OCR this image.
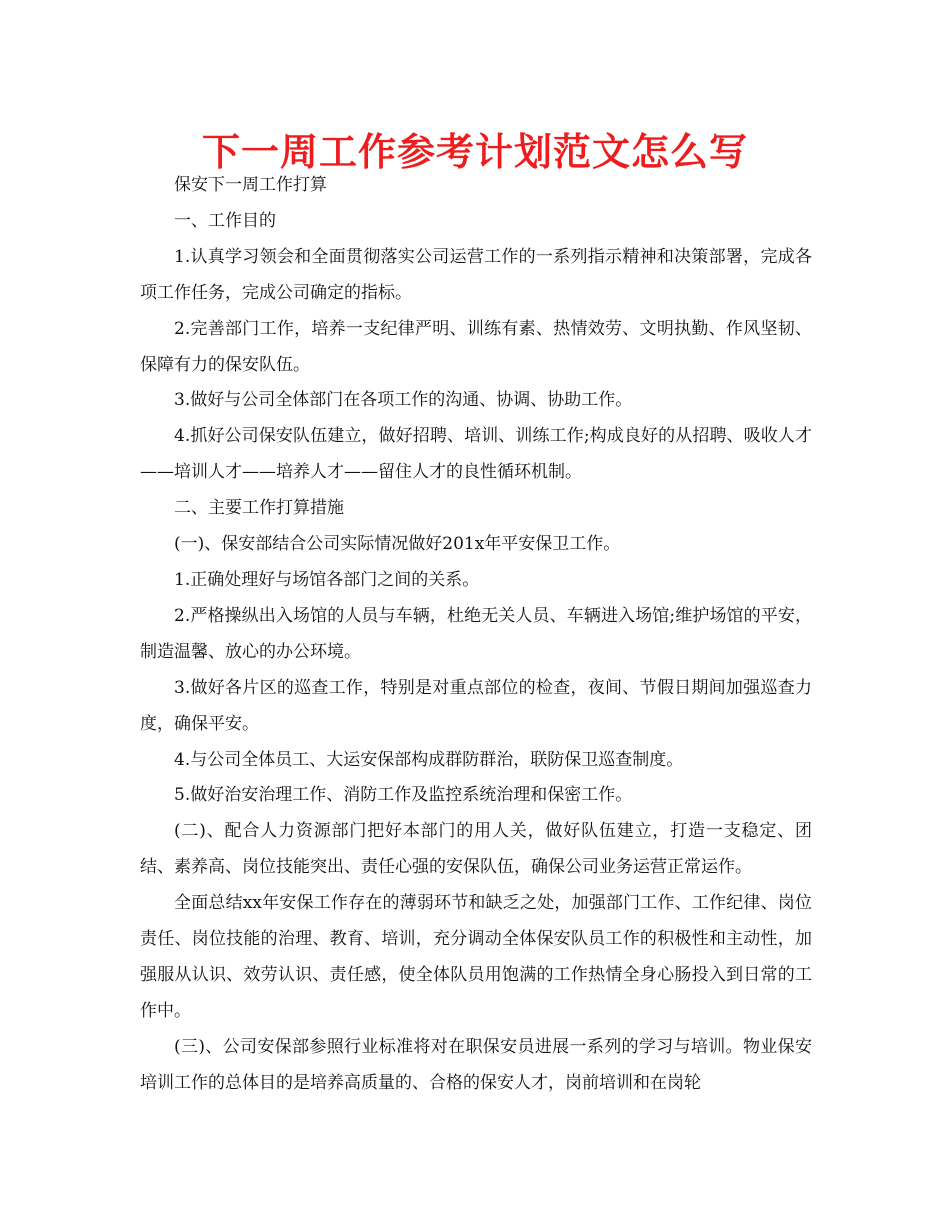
下一周工作参考计划范文怎么写

保安下一周工作打算

一、工作目的

1.认真学习领会和全面贯彻落实公司运营工作的一系列指示精神和决策部署，完成各项工作任务，完成公司确定的指标。

2.完善部门工作，培养一支纪律严明、训练有素、热情效劳、文明执勤、作风坚韧、保障有力的保安队伍。

3.做好与公司全体部门在各项工作的沟通、协调、协助工作。

4.抓好公司保安队伍建立，做好招聘、培训、训练工作;构成良好的从招聘、吸收人才——培训人才——培养人才——留住人才的良性循环机制。

二、主要工作打算措施

(一)、保安部结合公司实际情况做好201x年平安保卫工作。

1.正确处理好与场馆各部门之间的关系。

2.严格操纵出入场馆的人员与车辆，杜绝无关人员、车辆进入场馆;维护场馆的平安，制造温馨、放心的办公环境。

3.做好各片区的巡查工作，特别是对重点部位的检查，夜间、节假日期间加强巡查力度，确保平安。

4.与公司全体员工、大运安保部构成群防群治，联防保卫巡查制度。

5.做好治安治理工作、消防工作及监控系统治理和保密工作。

(二)、配合人力资源部门把好本部门的用人关，做好队伍建立，打造一支稳定、团结、素养高、岗位技能突出、责任心强的安保队伍，确保公司业务运营正常运作。

全面总结xx年安保工作存在的薄弱环节和缺乏之处，加强部门工作、工作纪律、岗位责任、岗位技能的治理、教育、培训，充分调动全体保安队员工作的积极性和主动性，加强服从认识、效劳认识、责任感，使全体队员用饱满的工作热情全身心肠投入到日常的工作中。

(三)、公司安保部参照行业标准将对在职保安员进展一系列的学习与培训。物业保安培训工作的总体目的是培养高质量的、合格的保安人才，岗前培训和在岗轮
